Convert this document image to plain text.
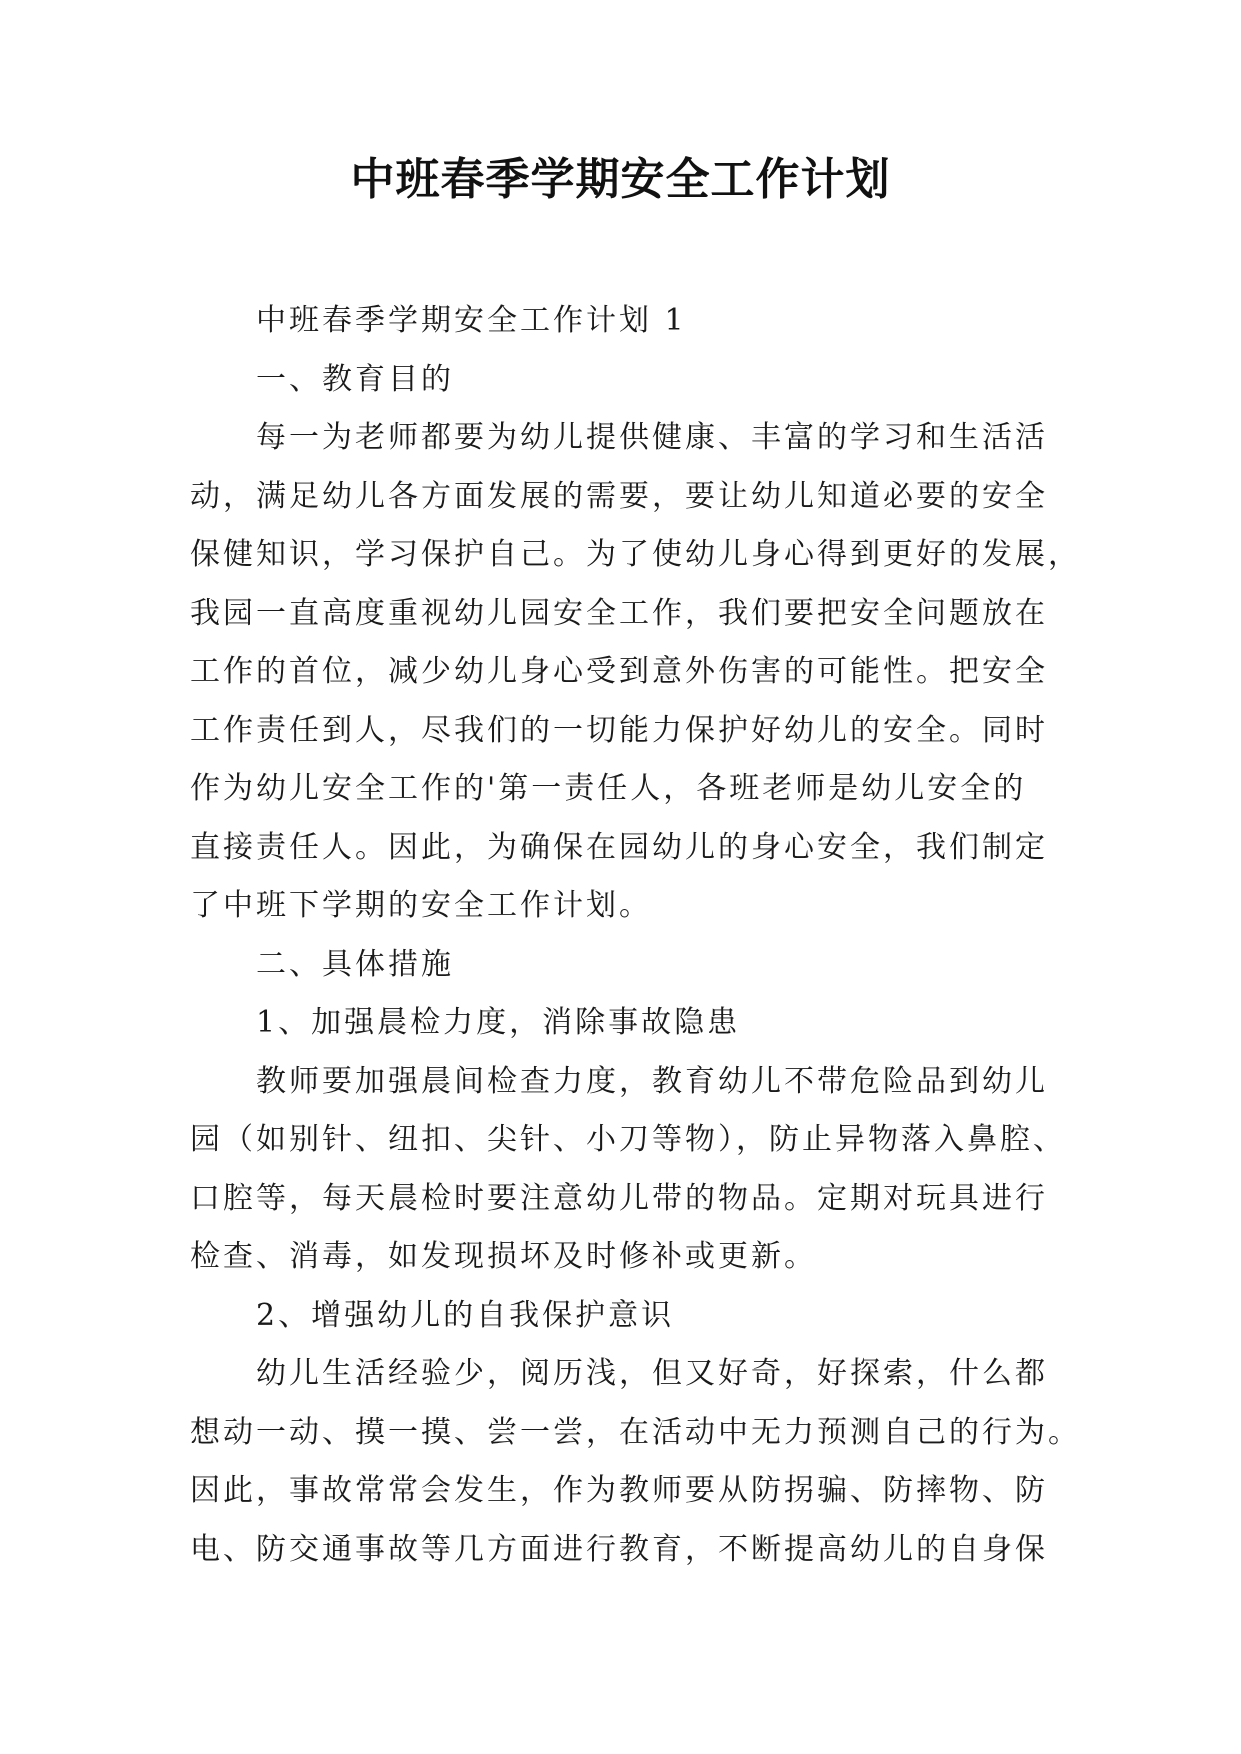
中班春季学期安全工作计划
中班春季学期安全工作计划 1
一、教育目的
每一为老师都要为幼儿提供健康、丰富的学习和生活活
动，满足幼儿各方面发展的需要，要让幼儿知道必要的安全
保健知识，学习保护自己。为了使幼儿身心得到更好的发展，
我园一直高度重视幼儿园安全工作，我们要把安全问题放在
工作的首位，减少幼儿身心受到意外伤害的可能性。把安全
工作责任到人，尽我们的一切能力保护好幼儿的安全。同时
作为幼儿安全工作的'第一责任人，各班老师是幼儿安全的
直接责任人。因此，为确保在园幼儿的身心安全，我们制定
了中班下学期的安全工作计划。
二、具体措施
1、加强晨检力度，消除事故隐患
教师要加强晨间检查力度，教育幼儿不带危险品到幼儿
园（如别针、纽扣、尖针、小刀等物），防止异物落入鼻腔、
口腔等，每天晨检时要注意幼儿带的物品。定期对玩具进行
检查、消毒，如发现损坏及时修补或更新。
2、增强幼儿的自我保护意识
幼儿生活经验少，阅历浅，但又好奇，好探索，什么都
想动一动、摸一摸、尝一尝，在活动中无力预测自己的行为。
因此，事故常常会发生，作为教师要从防拐骗、防摔物、防
电、防交通事故等几方面进行教育，不断提高幼儿的自身保
